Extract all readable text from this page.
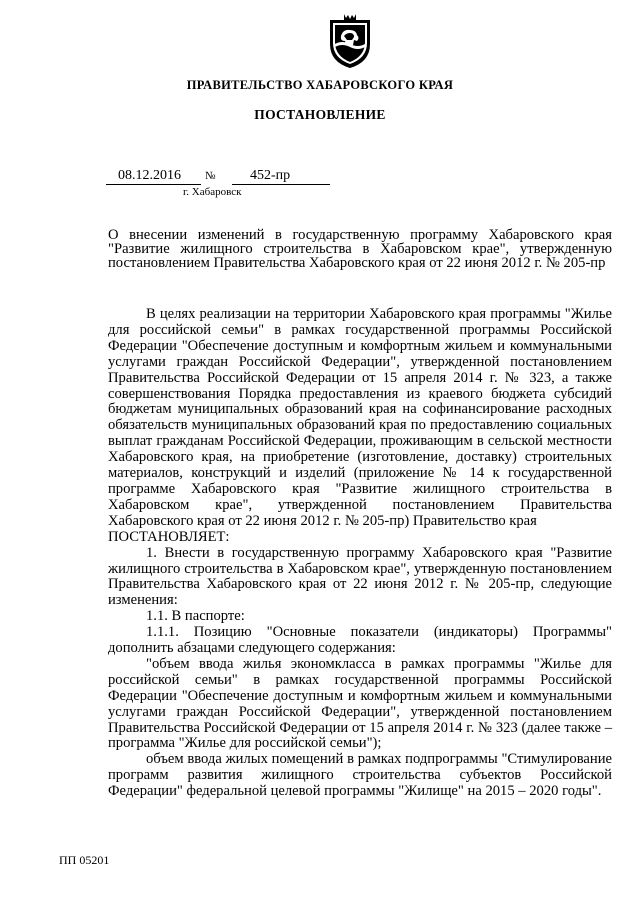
ПРАВИТЕЛЬСТВО ХАБАРОВСКОГО КРАЯ
ПОСТАНОВЛЕНИЕ
08.12.2016 № 452-пр
г. Хабаровск
О внесении изменений в государственную программу Хабаровского края "Развитие жилищного строительства в Хабаровском крае", утвержденную постановлением Правительства Хабаровского края от 22 июня 2012 г. № 205-пр

В целях реализации на территории Хабаровского края программы "Жилье для российской семьи" в рамках государственной программы Российской Федерации "Обеспечение доступным и комфортным жильем и коммунальными услугами граждан Российской Федерации", утвержденной постановлением Правительства Российской Федерации от 15 апреля 2014 г. № 323, а также совершенствования Порядка предоставления из краевого бюджета субсидий бюджетам муниципальных образований края на софинансирование расходных обязательств муниципальных образований края по предоставлению социальных выплат гражданам Российской Федерации, проживающим в сельской местности Хабаровского края, на приобретение (изготовление, доставку) строительных материалов, конструкций и изделий (приложение № 14 к государственной программе Хабаровского края "Развитие жилищного строительства в Хабаровском крае", утвержденной постановлением Правительства Хабаровского края от 22 июня 2012 г. № 205-пр) Правительство края

ПОСТАНОВЛЯЕТ:

1. Внести в государственную программу Хабаровского края "Развитие жилищного строительства в Хабаровском крае", утвержденную постановлением Правительства Хабаровского края от 22 июня 2012 г. № 205-пр, следующие изменения:

1.1. В паспорте:

1.1.1. Позицию "Основные показатели (индикаторы) Программы" дополнить абзацами следующего содержания:

"объем ввода жилья экономкласса в рамках программы "Жилье для российской семьи" в рамках государственной программы Российской Федерации "Обеспечение доступным и комфортным жильем и коммунальными услугами граждан Российской Федерации", утвержденной постановлением Правительства Российской Федерации от 15 апреля 2014 г. № 323 (далее также – программа "Жилье для российской семьи");

объем ввода жилых помещений в рамках подпрограммы "Стимулирование программ развития жилищного строительства субъектов Российской Федерации" федеральной целевой программы "Жилище" на 2015 – 2020 годы".

ПП 05201
